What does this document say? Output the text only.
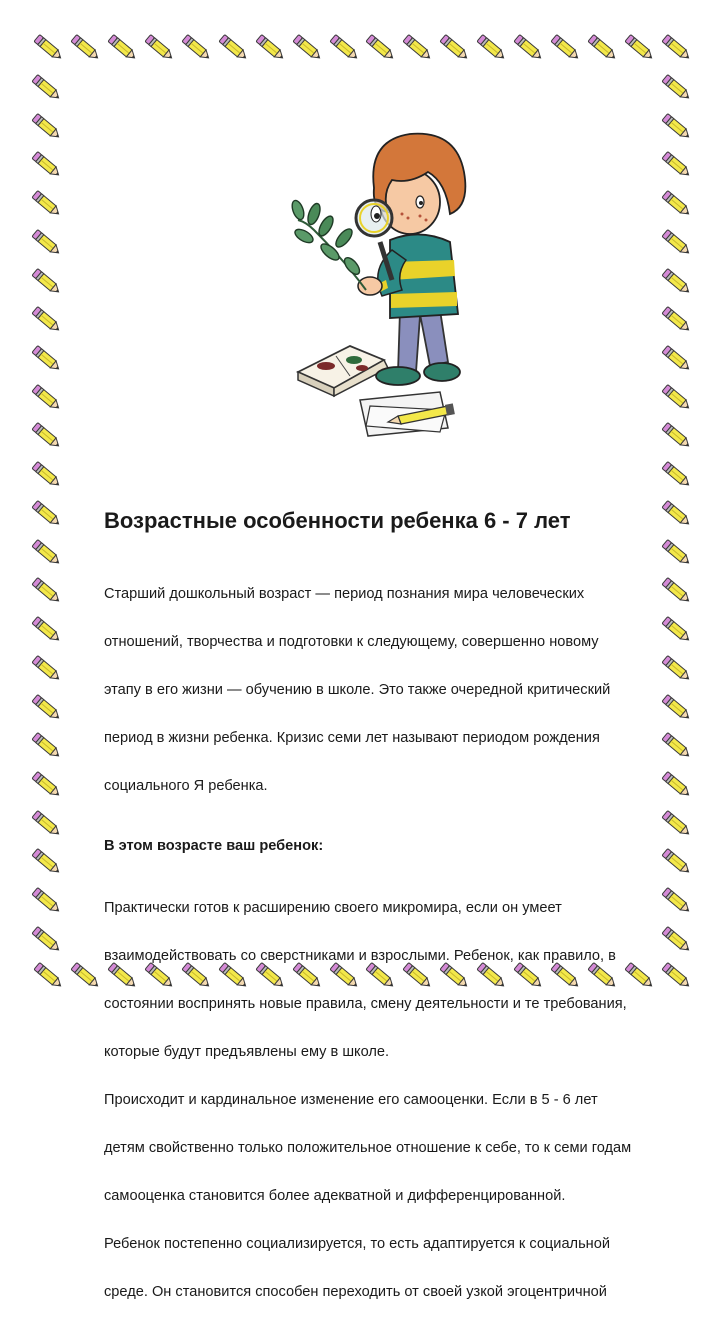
Возрастные особенности ребенка 6 - 7 лет

Старший дошкольный возраст — период познания мира человеческих

отношений, творчества и подготовки к следующему, совершенно новому

этапу в его жизни — обучению в школе. Это также очередной критический

период в жизни ребенка. Кризис семи лет называют периодом рождения

социального Я ребенка.

В этом возрасте ваш ребенок:

Практически готов к расширению своего микромира, если он умеет

взаимодействовать со сверстниками и взрослыми. Ребенок, как правило, в

состоянии воспринять новые правила, смену деятельности и те требования,

которые будут предъявлены ему в школе.

Происходит и кардинальное изменение его самооценки. Если в 5 - 6 лет

детям свойственно только положительное отношение к себе, то к семи годам

самооценка становится более адекватной и дифференцированной.

Ребенок постепенно социализируется, то есть адаптируется к социальной

среде. Он становится способен переходить от своей узкой эгоцентричной
